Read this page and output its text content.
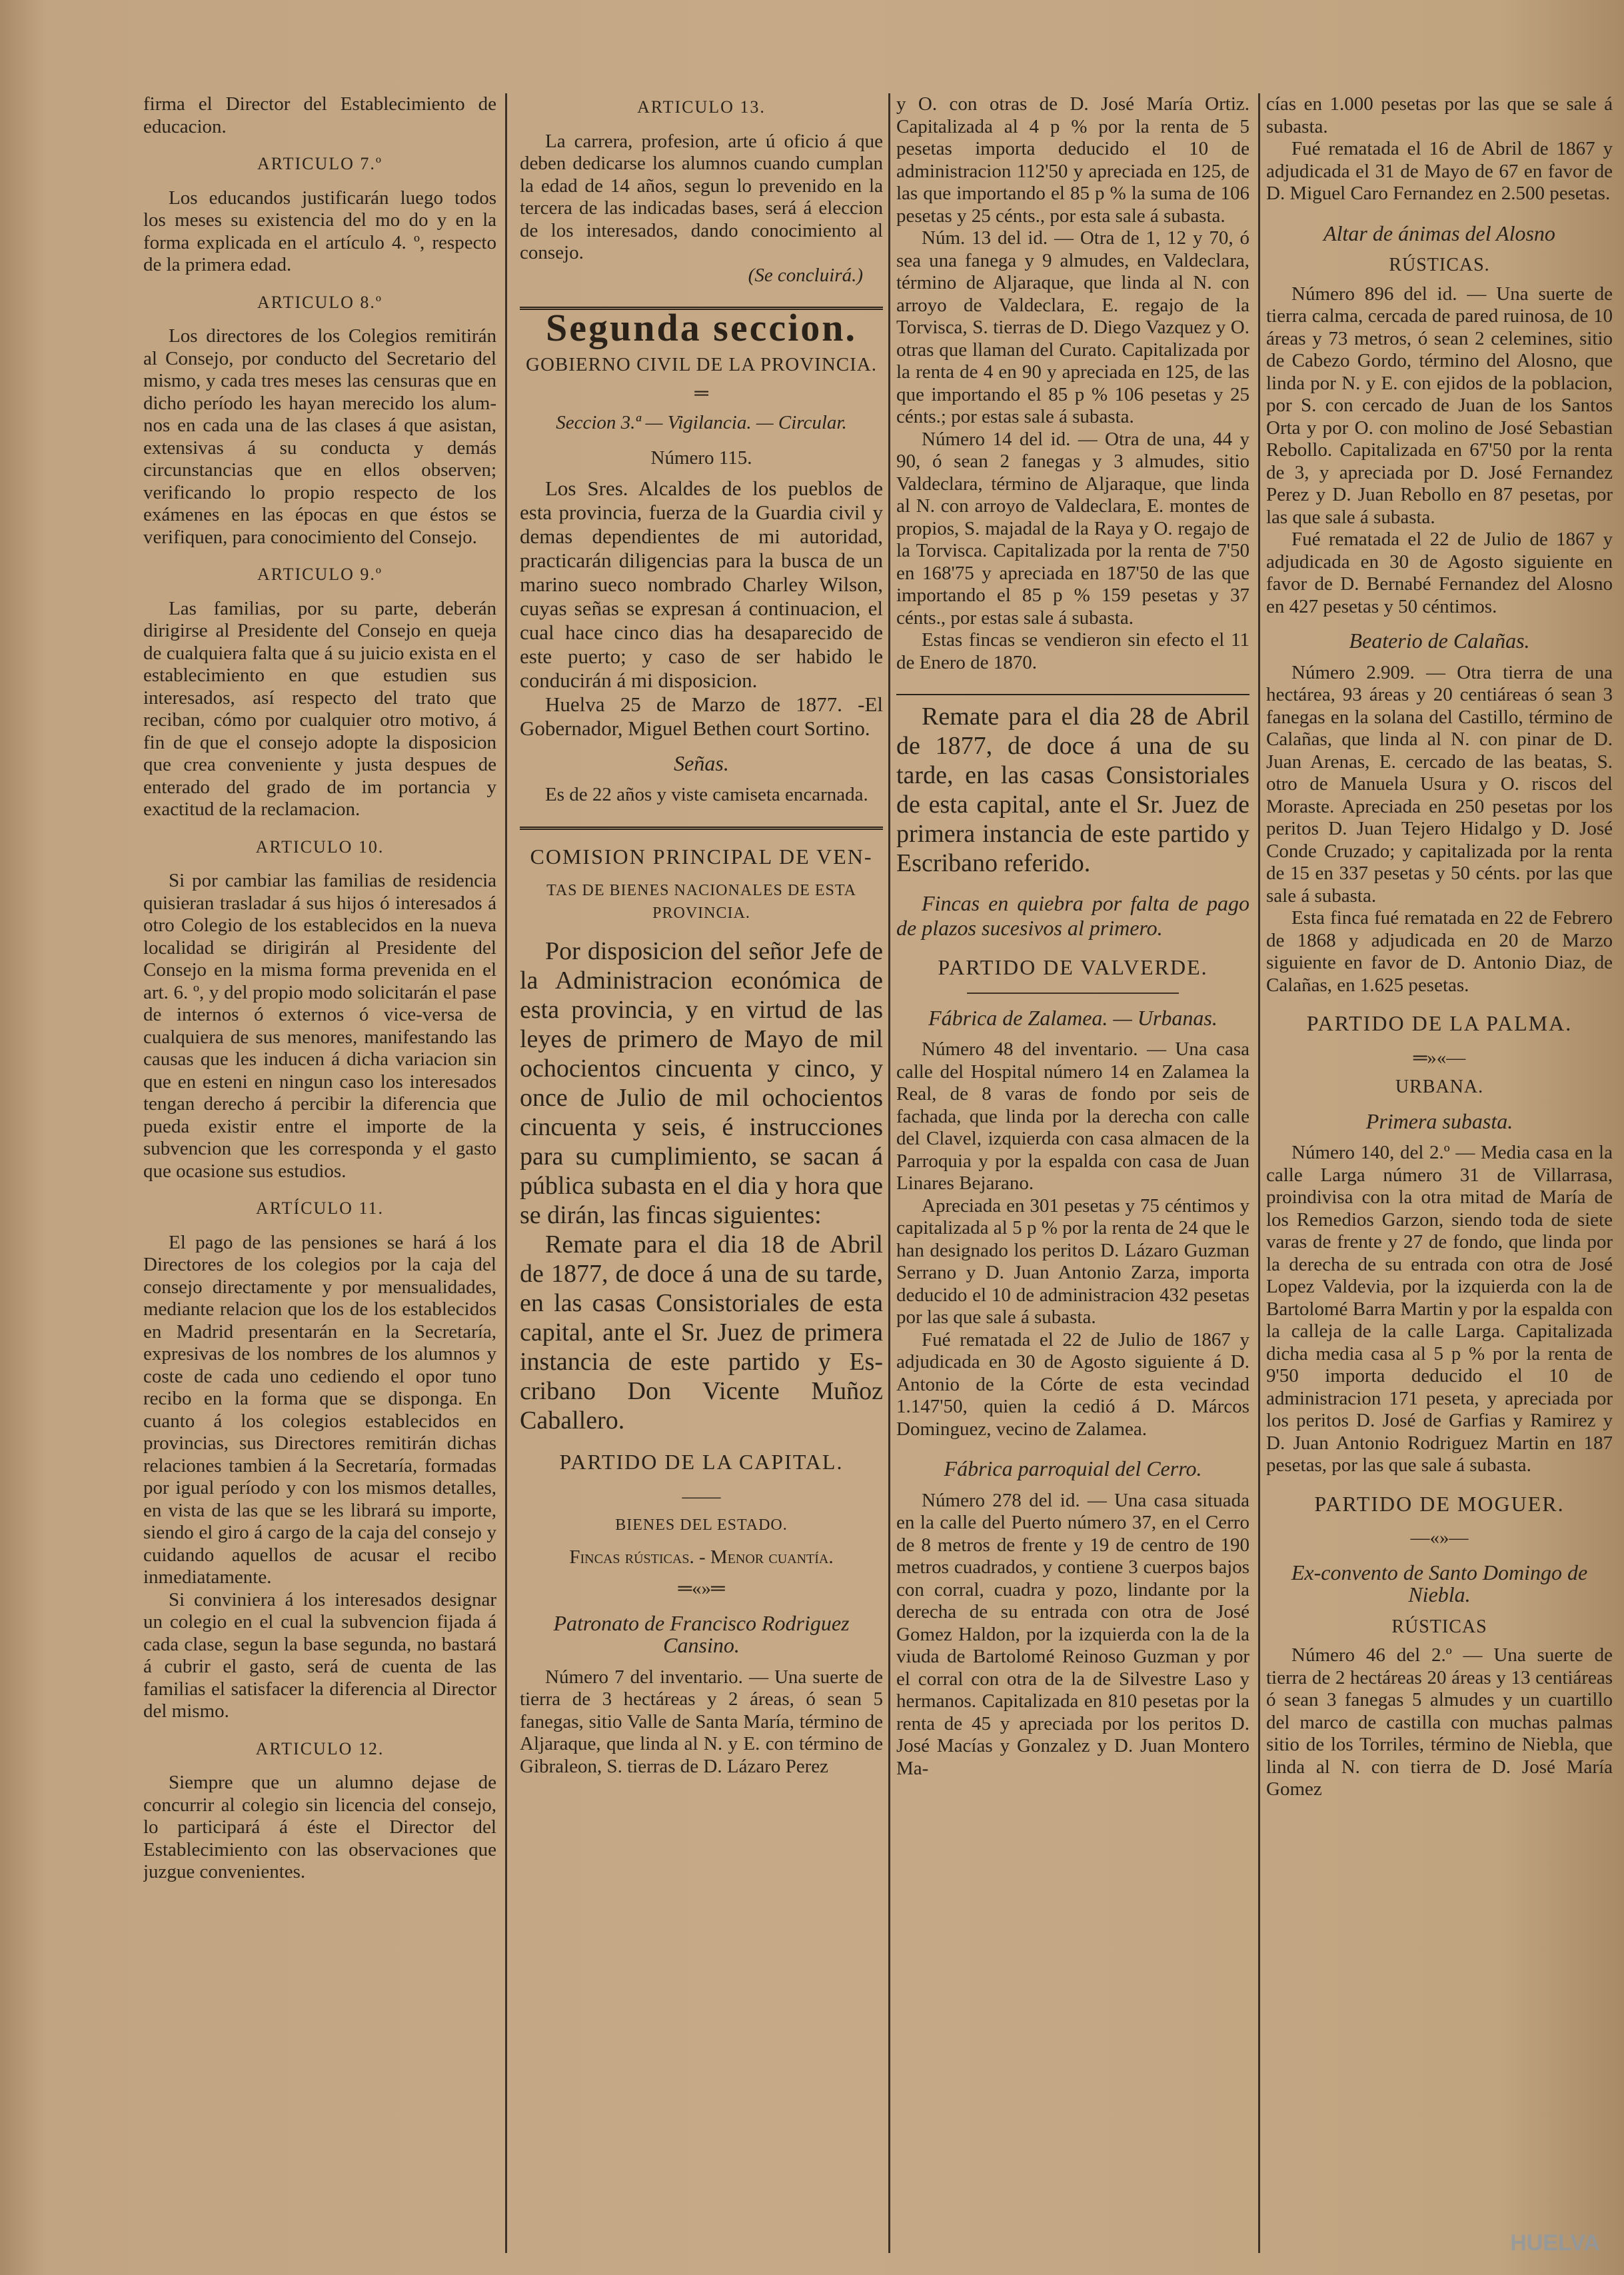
firma el Director del Establecimiento de educacion.

ARTICULO 7.º

Los educandos justificarán luego todos los meses su existencia del mo do y en la forma explicada en el artículo 4. º, respecto de la primera edad.

ARTICULO 8.º

Los directores de los Colegios remitirán al Consejo, por conducto del Secretario del mismo, y cada tres meses las censuras que en dicho período les hayan merecido los alumnos en cada una de las clases á que asistan, extensivas á su conducta y demás circunstancias que en ellos observen; verificando lo propio respecto de los exámenes en las épocas en que éstos se verifiquen, para conocimiento del Consejo.

ARTICULO 9.º

Las familias, por su parte, deberán dirigirse al Presidente del Consejo en queja de cualquiera falta que á su juicio exista en el establecimiento en que estudien sus interesados, así respecto del trato que reciban, cómo por cualquier otro motivo, á fin de que el consejo adopte la disposicion que crea conveniente y justa despues de enterado del grado de im portancia y exactitud de la reclamacion.

ARTICULO 10.

Si por cambiar las familias de residencia quisieran trasladar á sus hijos ó interesados á otro Colegio de los establecidos en la nueva localidad se dirigirán al Presidente del Consejo en la misma forma prevenida en el art. 6. º, y del propio modo solicitarán el pase de internos ó externos ó vice-versa de cualquiera de sus menores, manifestando las causas que les inducen á dicha variacion sin que en esteni en ningun caso los interesados tengan derecho á percibir la diferencia que pueda existir entre el importe de la subvencion que les corresponda y el gasto que ocasione sus estudios.

ARTÍCULO 11.

El pago de las pensiones se hará á los Directores de los colegios por la caja del consejo directamente y por mensualidades, mediante relacion que los de los establecidos en Madrid presentarán en la Secretaría, expresivas de los nombres de los alumnos y coste de cada uno cediendo el opor tuno recibo en la forma que se disponga. En cuanto á los colegios establecidos en provincias, sus Directores remitirán dichas relaciones tambien á la Secretaría, formadas por igual período y con los mismos detalles, en vista de las que se les librará su importe, siendo el giro á cargo de la caja del consejo y cuidando aquellos de acusar el recibo inmediatamente.

Si conviniera á los interesados designar un colegio en el cual la subvencion fijada á cada clase, segun la base segunda, no bastará á cubrir el gasto, será de cuenta de las familias el satisfacer la diferencia al Director del mismo.

ARTICULO 12.

Siempre que un alumno dejase de concurrir al colegio sin licencia del consejo, lo participará á éste el Director del Establecimiento con las observaciones que juzgue convenientes.

ARTICULO 13.

La carrera, profesion, arte ú oficio á que deben dedicarse los alumnos cuando cumplan la edad de 14 años, segun lo prevenido en la tercera de las indicadas bases, será á eleccion de los interesados, dando conocimiento al consejo.

(Se concluirá.)
Segunda seccion.
GOBIERNO CIVIL DE LA PROVINCIA.
═
Seccion 3.ª — Vigilancia. — Circular.
Número 115.

Los Sres. Alcaldes de los pueblos de esta provincia, fuerza de la Guardia civil y demas dependientes de mi autoridad, practicarán diligencias para la busca de un marino sueco nombrado Charley Wilson, cuyas señas se expresan á continuacion, el cual hace cinco dias ha desaparecido de este puerto; y caso de ser habido le conducirán á mi disposicion.

Huelva 25 de Marzo de 1877. -El Gobernador, Miguel Bethen court Sortino.

Señas.

Es de 22 años y viste camiseta encarnada.

COMISION PRINCIPAL DE VEN-
TAS DE BIENES NACIONALES DE ESTA PROVINCIA.

Por disposicion del señor Jefe de la Administracion económica de esta provincia, y en virtud de las leyes de primero de Mayo de mil ochocientos cincuenta y cinco, y once de Julio de mil ochocientos cincuenta y seis, é instrucciones para su cumplimiento, se sacan á pública subasta en el dia y hora que se dirán, las fincas siguientes:

Remate para el dia 18 de Abril de 1877, de doce á una de su tarde, en las casas Consistoriales de esta capital, ante el Sr. Juez de primera instancia de este partido y Escribano Don Vicente Muñoz Caballero.

PARTIDO DE LA CAPITAL.
——
BIENES DEL ESTADO.
Fincas rústicas. - Menor cuantía.
═«»═
Patronato de Francisco Rodriguez Cansino.

Número 7 del inventario. — Una suerte de tierra de 3 hectáreas y 2 áreas, ó sean 5 fanegas, sitio Valle de Santa María, término de Aljaraque, que linda al N. y E. con término de Gibraleon, S. tierras de D. Lázaro Perez

y O. con otras de D. José María Ortiz. Capitalizada al 4 p % por la renta de 5 pesetas importa deducido el 10 de administracion 112'50 y apreciada en 125, de las que importando el 85 p % la suma de 106 pesetas y 25 cénts., por esta sale á subasta.

Núm. 13 del id. — Otra de 1, 12 y 70, ó sea una fanega y 9 almudes, en Valdeclara, término de Aljaraque, que linda al N. con arroyo de Valdeclara, E. regajo de la Torvisca, S. tierras de D. Diego Vazquez y O. otras que llaman del Curato. Capitalizada por la renta de 4 en 90 y apreciada en 125, de las que importando el 85 p % 106 pesetas y 25 cénts.; por estas sale á subasta.

Número 14 del id. — Otra de una, 44 y 90, ó sean 2 fanegas y 3 almudes, sitio Valdeclara, término de Aljaraque, que linda al N. con arroyo de Valdeclara, E. montes de propios, S. majadal de la Raya y O. regajo de la Torvisca. Capitalizada por la renta de 7'50 en 168'75 y apreciada en 187'50 de las que importando el 85 p % 159 pesetas y 37 cénts., por estas sale á subasta.

Estas fincas se vendieron sin efecto el 11 de Enero de 1870.

Remate para el dia 28 de Abril de 1877, de doce á una de su tarde, en las casas Consistoriales de esta capital, ante el Sr. Juez de primera instancia de este partido y Escribano referido.

Fincas en quiebra por falta de pago de plazos sucesivos al primero.

PARTIDO DE VALVERDE.
Fábrica de Zalamea. — Urbanas.

Número 48 del inventario. — Una casa calle del Hospital número 14 en Zalamea la Real, de 8 varas de fondo por seis de fachada, que linda por la derecha con calle del Clavel, izquierda con casa almacen de la Parroquia y por la espalda con casa de Juan Linares Bejarano.

Apreciada en 301 pesetas y 75 céntimos y capitalizada al 5 p % por la renta de 24 que le han designado los peritos D. Lázaro Guzman Serrano y D. Juan Antonio Zarza, importa deducido el 10 de administracion 432 pesetas por las que sale á subasta.

Fué rematada el 22 de Julio de 1867 y adjudicada en 30 de Agosto siguiente á D. Antonio de la Córte de esta vecindad 1.147'50, quien la cedió á D. Márcos Dominguez, vecino de Zalamea.

Fábrica parroquial del Cerro.

Número 278 del id. — Una casa situada en la calle del Puerto número 37, en el Cerro de 8 metros de frente y 19 de centro de 190 metros cuadrados, y contiene 3 cuerpos bajos con corral, cuadra y pozo, lindante por la derecha de su entrada con otra de José Gomez Haldon, por la izquierda con la de la viuda de Bartolomé Reinoso Guzman y por el corral con otra de la de Silvestre Laso y hermanos. Capitalizada en 810 pesetas por la renta de 45 y apreciada por los peritos D. José Macías y Gonzalez y D. Juan Montero Ma-

cías en 1.000 pesetas por las que se sale á subasta.

Fué rematada el 16 de Abril de 1867 y adjudicada el 31 de Mayo de 67 en favor de D. Miguel Caro Fernandez en 2.500 pesetas.

Altar de ánimas del Alosno
RÚSTICAS.

Número 896 del id. — Una suerte de tierra calma, cercada de pared ruinosa, de 10 áreas y 73 metros, ó sean 2 celemines, sitio de Cabezo Gordo, término del Alosno, que linda por N. y E. con ejidos de la poblacion, por S. con cercado de Juan de los Santos Orta y por O. con molino de José Sebastian Rebollo. Capitalizada en 67'50 por la renta de 3, y apreciada por D. José Fernandez Perez y D. Juan Rebollo en 87 pesetas, por las que sale á subasta.

Fué rematada el 22 de Julio de 1867 y adjudicada en 30 de Agosto siguiente en favor de D. Bernabé Fernandez del Alosno en 427 pesetas y 50 céntimos.

Beaterio de Calañas.

Número 2.909. — Otra tierra de una hectárea, 93 áreas y 20 centiáreas ó sean 3 fanegas en la solana del Castillo, término de Calañas, que linda al N. con pinar de D. Juan Arenas, E. cercado de las beatas, S. otro de Manuela Usura y O. riscos del Moraste. Apreciada en 250 pesetas por los peritos D. Juan Tejero Hidalgo y D. José Conde Cruzado; y capitalizada por la renta de 15 en 337 pesetas y 50 cénts. por las que sale á subasta.

Esta finca fué rematada en 22 de Febrero de 1868 y adjudicada en 20 de Marzo siguiente en favor de D. Antonio Diaz, de Calañas, en 1.625 pesetas.

PARTIDO DE LA PALMA.
═»«—
URBANA.
Primera subasta.

Número 140, del 2.º — Media casa en la calle Larga número 31 de Villarrasa, proindivisa con la otra mitad de María de los Remedios Garzon, siendo toda de siete varas de frente y 27 de fondo, que linda por la derecha de su entrada con otra de José Lopez Valdevia, por la izquierda con la de Bartolomé Barra Martin y por la espalda con la calleja de la calle Larga. Capitalizada dicha media casa al 5 p % por la renta de 9'50 importa deducido el 10 de administracion 171 peseta, y apreciada por los peritos D. José de Garfias y Ramirez y D. Juan Antonio Rodriguez Martin en 187 pesetas, por las que sale á subasta.

PARTIDO DE MOGUER.
—«»—
Ex-convento de Santo Domingo de Niebla.
RÚSTICAS

Número 46 del 2.º — Una suerte de tierra de 2 hectáreas 20 áreas y 13 centiáreas ó sean 3 fanegas 5 almudes y un cuartillo del marco de castilla con muchas palmas sitio de los Torriles, término de Niebla, que linda al N. con tierra de D. José María Gomez

HUELVA
